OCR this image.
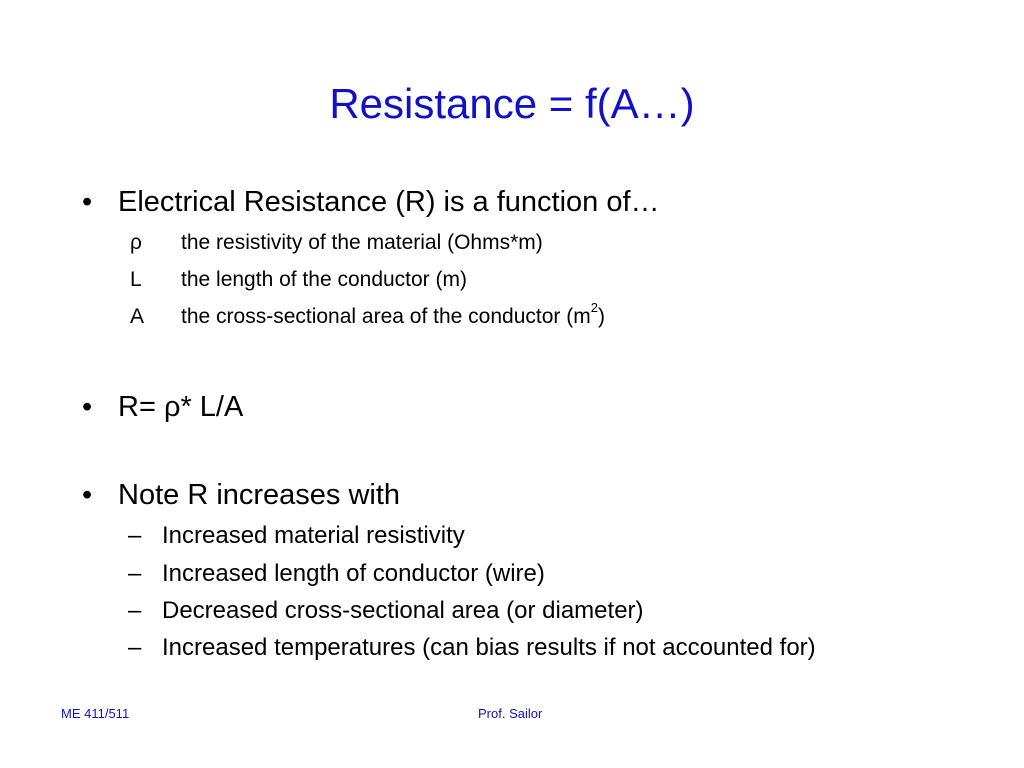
Resistance = f(A…)
• Electrical Resistance (R) is a function of…
ρ	the resistivity of the material (Ohms*m)
L	the length of the conductor (m)
A	the cross-sectional area of the conductor $(m^2)$
• R= ρ* L/A
• Note R increases with
– Increased material resistivity
– Increased length of conductor (wire)
– Decreased cross-sectional area (or diameter)
– Increased temperatures (can bias results if not accounted for)
ME 411/511	Prof. Sailor
